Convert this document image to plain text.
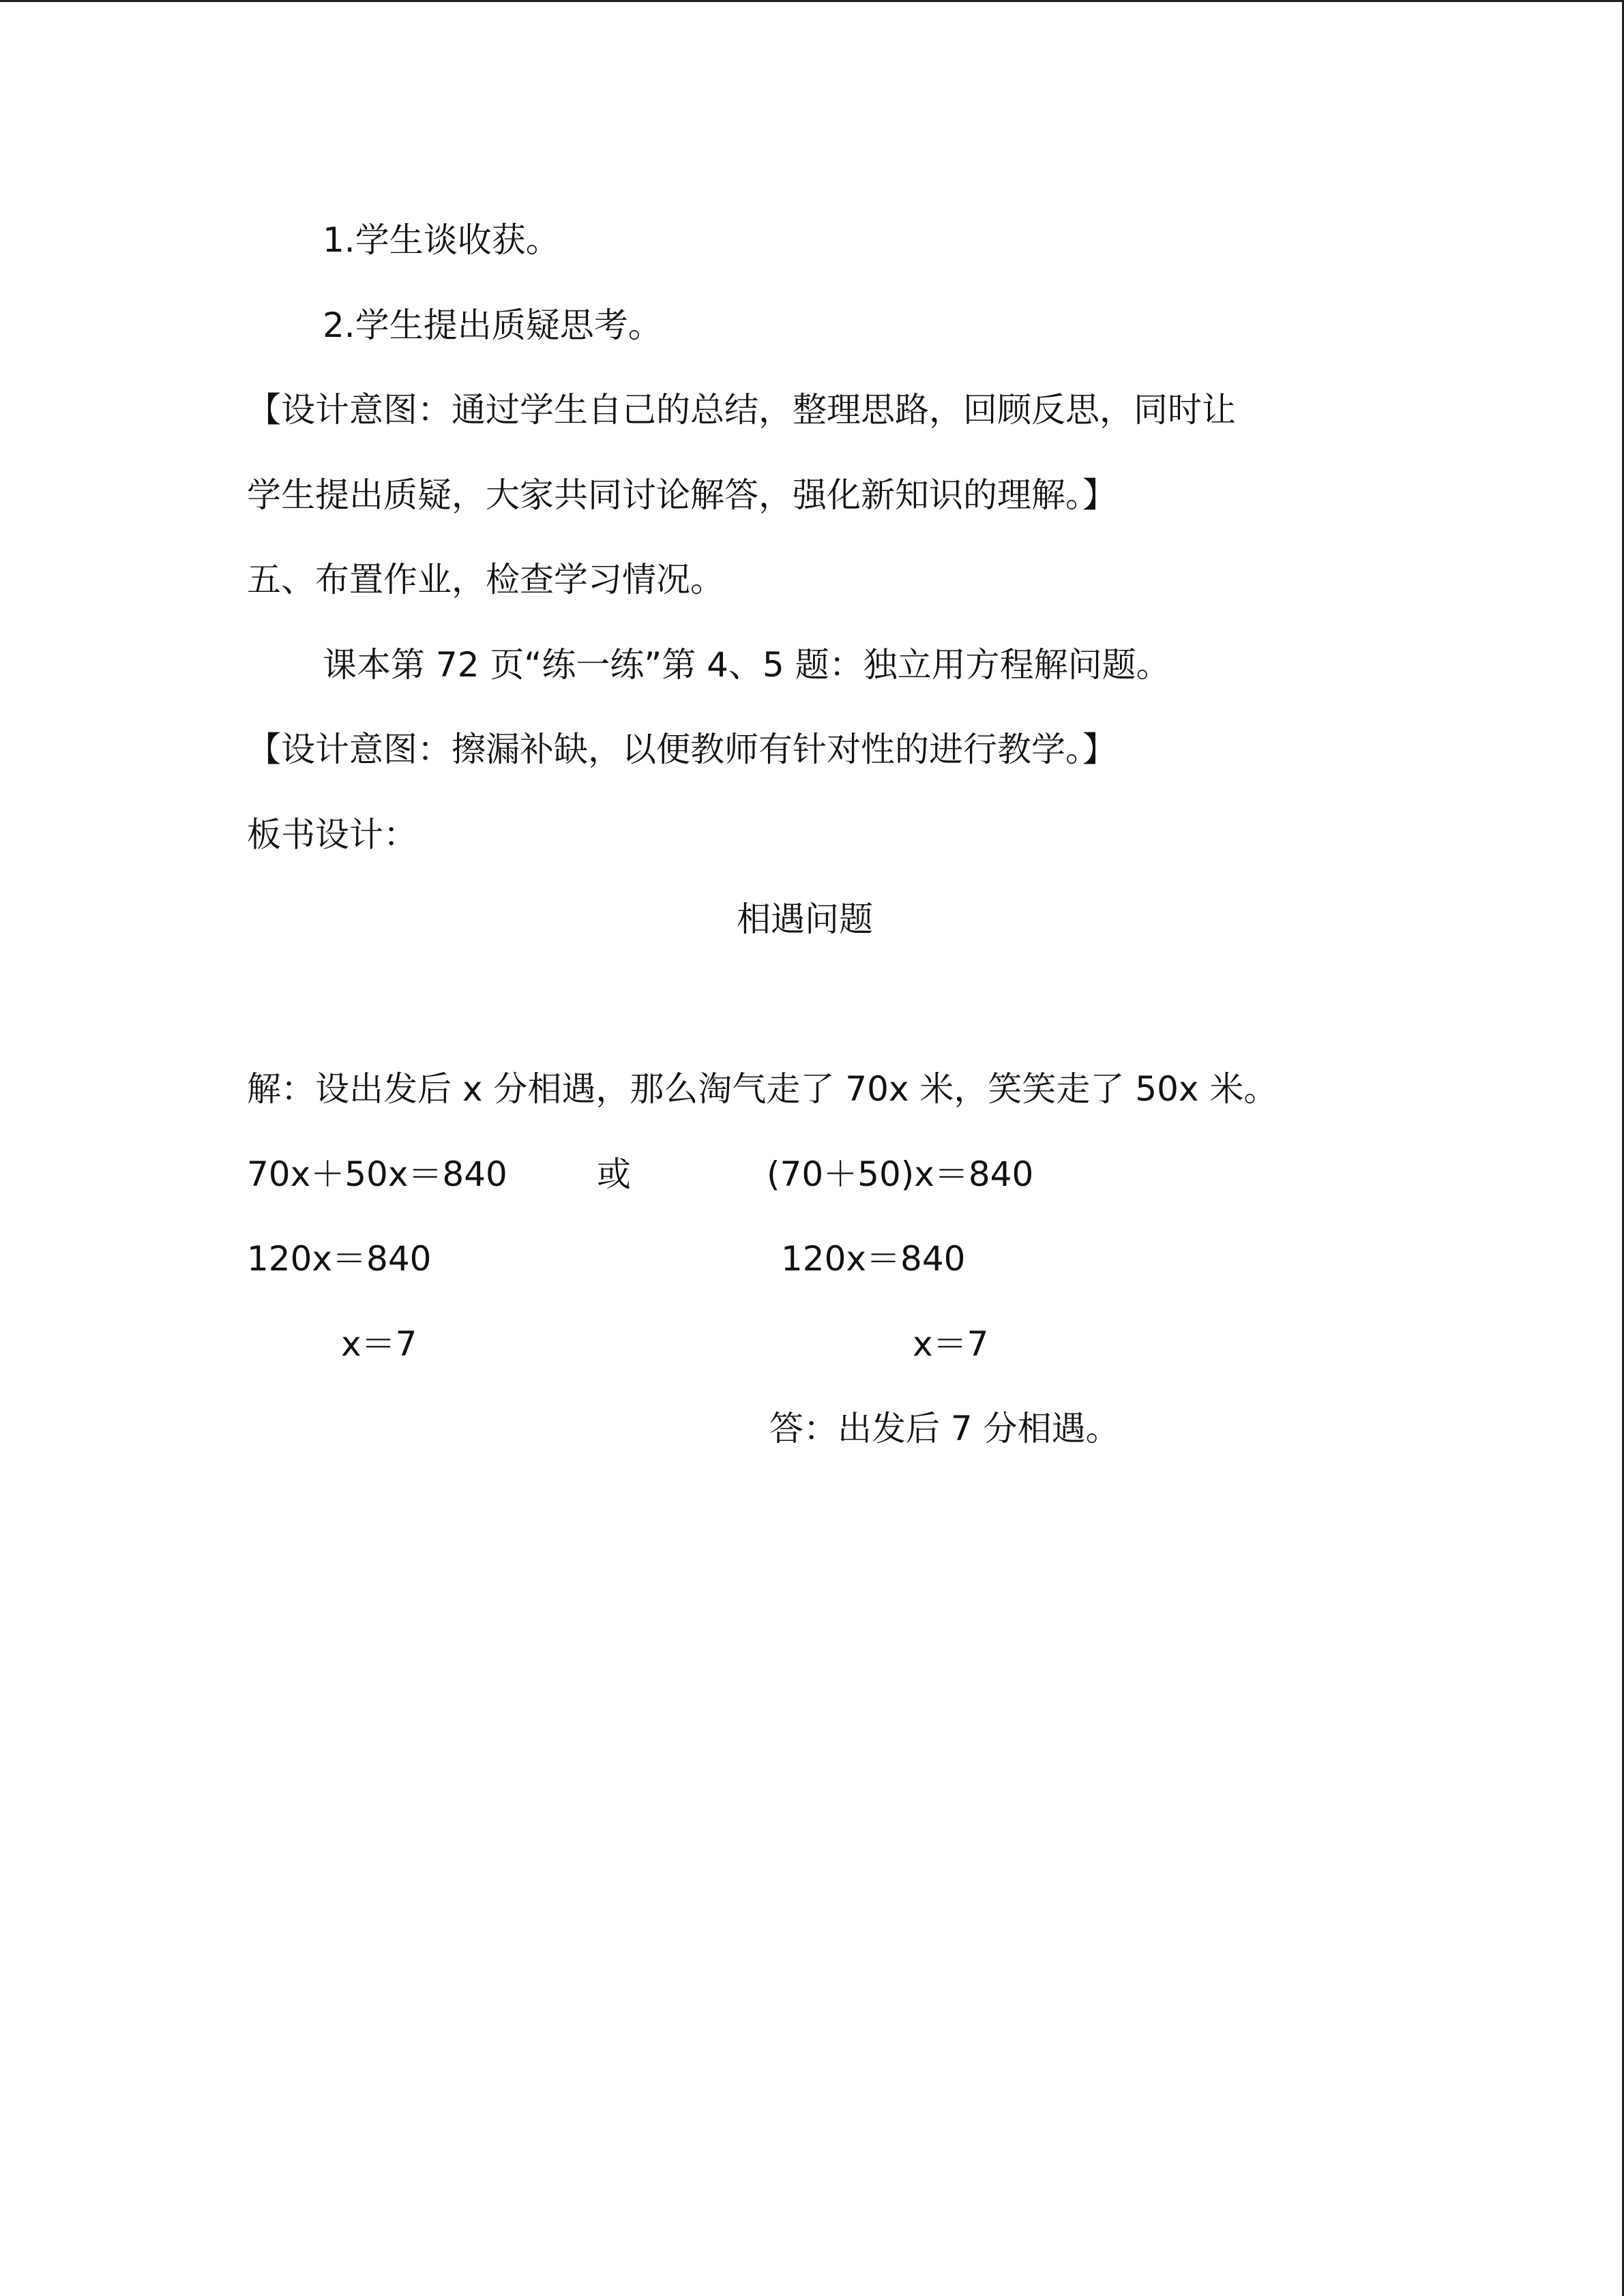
1.学生谈收获。
2.学生提出质疑思考。
【设计意图：通过学生自己的总结，整理思路，回顾反思，同时让
学生提出质疑，大家共同讨论解答，强化新知识的理解。】
五、布置作业，检查学习情况。
课本第 72 页“练一练”第 4、5 题：独立用方程解问题。
【设计意图：擦漏补缺，以便教师有针对性的进行教学。】
板书设计：
相遇问题
解：设出发后 x 分相遇，那么淘气走了 70x 米，笑笑走了 50x 米。
70x＋50x＝840	或	(70＋50)x＝840
120x＝840	120x＝840
x＝7	x＝7
答：出发后 7 分相遇。
